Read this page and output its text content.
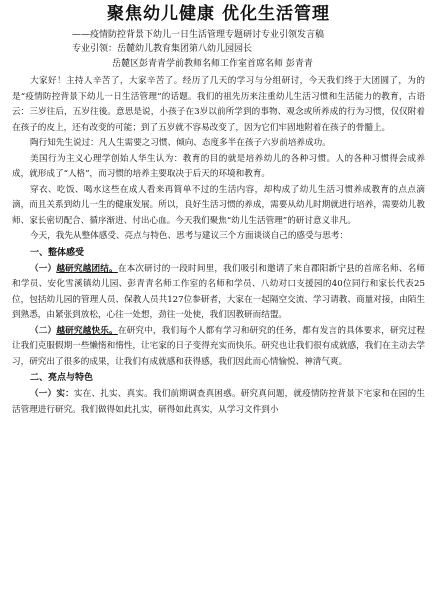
聚焦幼儿健康 优化生活管理
——疫情防控背景下幼儿一日生活管理专题研讨专业引领发言稿
专业引领：岳麓幼儿教育集团第八幼儿园园长
岳麓区彭青青学前教师名师工作室首席名师 彭青青

大家好！主持人辛苦了，大家辛苦了。经历了几天的学习与分组研讨，今天我们终于大团圆了，为的是“疫情防控背景下幼儿一日生活管理”的话题。我们的祖先历来注重幼儿生活习惯和生活能力的教育，古语云：三岁往后，五岁往後。意思是说，小孩子在3岁以前所学到的事物、观念或所养成的行为习惯，仅仅附着在孩子的皮上，还有改变的可能；到了五岁就不容易改变了，因为它们牢固地附着在孩子的骨髓上。

陶行知先生说过：凡人生需要之习惯、倾向、态度多半在孩子六岁前培养成功。

美国行为主义心理学创始人华生认为：教育的目的就是培养幼儿的各种习惯。人的各种习惯得会成养成，就形成了“人格”，而习惯的培养主要取决于后天的环境和教育。

穿衣、吃饭、喝水这些在成人看来再简单不过的生活内容，却构成了幼儿生活习惯养成教育的点点滴滴，而且关系到幼儿一生的健康发展。所以，良好生活习惯的养成，需要从幼儿时期就进行培养，需要幼儿教师、家长密切配合、循序渐进、付出心血。今天我们聚焦“幼儿生活管理”的研讨意义非凡。

今天，我先从整体感受、亮点与特色、思考与建议三个方面谈谈自己的感受与思考：

一、整体感受

（一）越研究越团结。在本次研讨的一段时间里，我们吸引和邀请了来自郡阳新宁县的首席名师、名师和学员、安化雪溪镇幼儿园、彭青青名师工作室的名师和学员、八幼对口支援园的40位同行和家长代表25位，包括幼儿园的管理人员、保教人员共127位参研者，大家在一起隔空交流、学习请教、商量对接，由陌生到熟悉，由紧张到放松，心往一处想，劲往一处使，我们因教研而结盟。

（二）越研究越快乐。在研究中，我们每个人都有学习和研究的任务，都有发言的具体要求，研究过程让我们克服假期一些懒惰和惰性，让宅家的日子变得充实而快乐。研究也让我们很有成就感，我们在主动去学习，研究出了很多的成果，让我们有成就感和获得感，我们因此而心情愉悦、神清气爽。

二、亮点与特色

（一）实：实在、扎实、真实。我们前期调查真困惑。研究真问题，就疫情防控背景下宅家和在园的生活管理进行研究。我们做得如此扎实，研得如此真实，从学习文件到小
